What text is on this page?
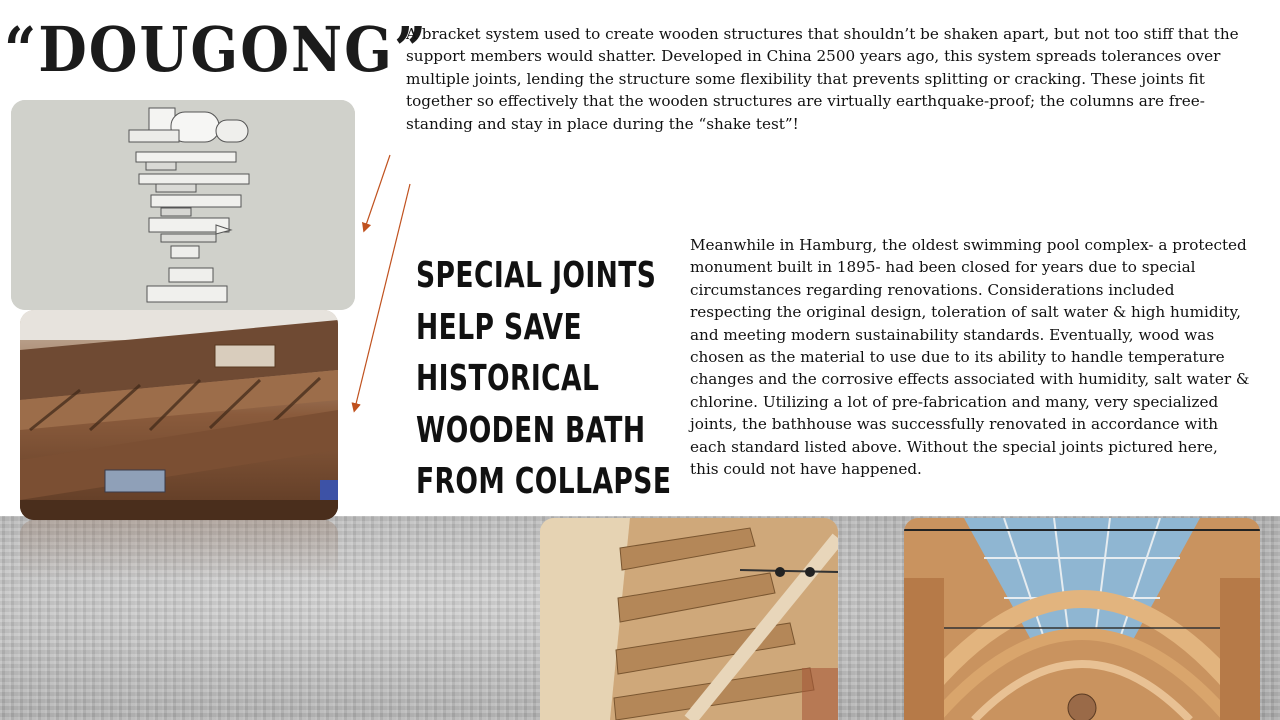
“DOUGONG”

A bracket system used to create wooden structures that shouldn’t be shaken apart, but not too stiff that the support members would shatter. Developed in China 2500 years ago, this system spreads tolerances over multiple joints, lending the structure some flexibility that prevents splitting or cracking. These joints fit together so effectively that the wooden structures are virtually earthquake-proof; the columns are free-standing and stay in place during the “shake test”!

SPECIAL JOINTS
HELP SAVE
HISTORICAL
WOODEN BATH
FROM COLLAPSE

Meanwhile in Hamburg, the oldest swimming pool complex- a protected monument built in 1895- had been closed for years due to special circumstances regarding renovations. Considerations included respecting the original design, toleration of salt water & high humidity, and meeting modern sustainability standards. Eventually, wood was chosen as the material to use due to its ability to handle temperature changes and the corrosive effects associated with humidity, salt water & chlorine. Utilizing a lot of pre-fabrication and many, very specialized joints, the bathhouse was successfully renovated in accordance with each standard listed above. Without the special joints pictured here, this could not have happened.
